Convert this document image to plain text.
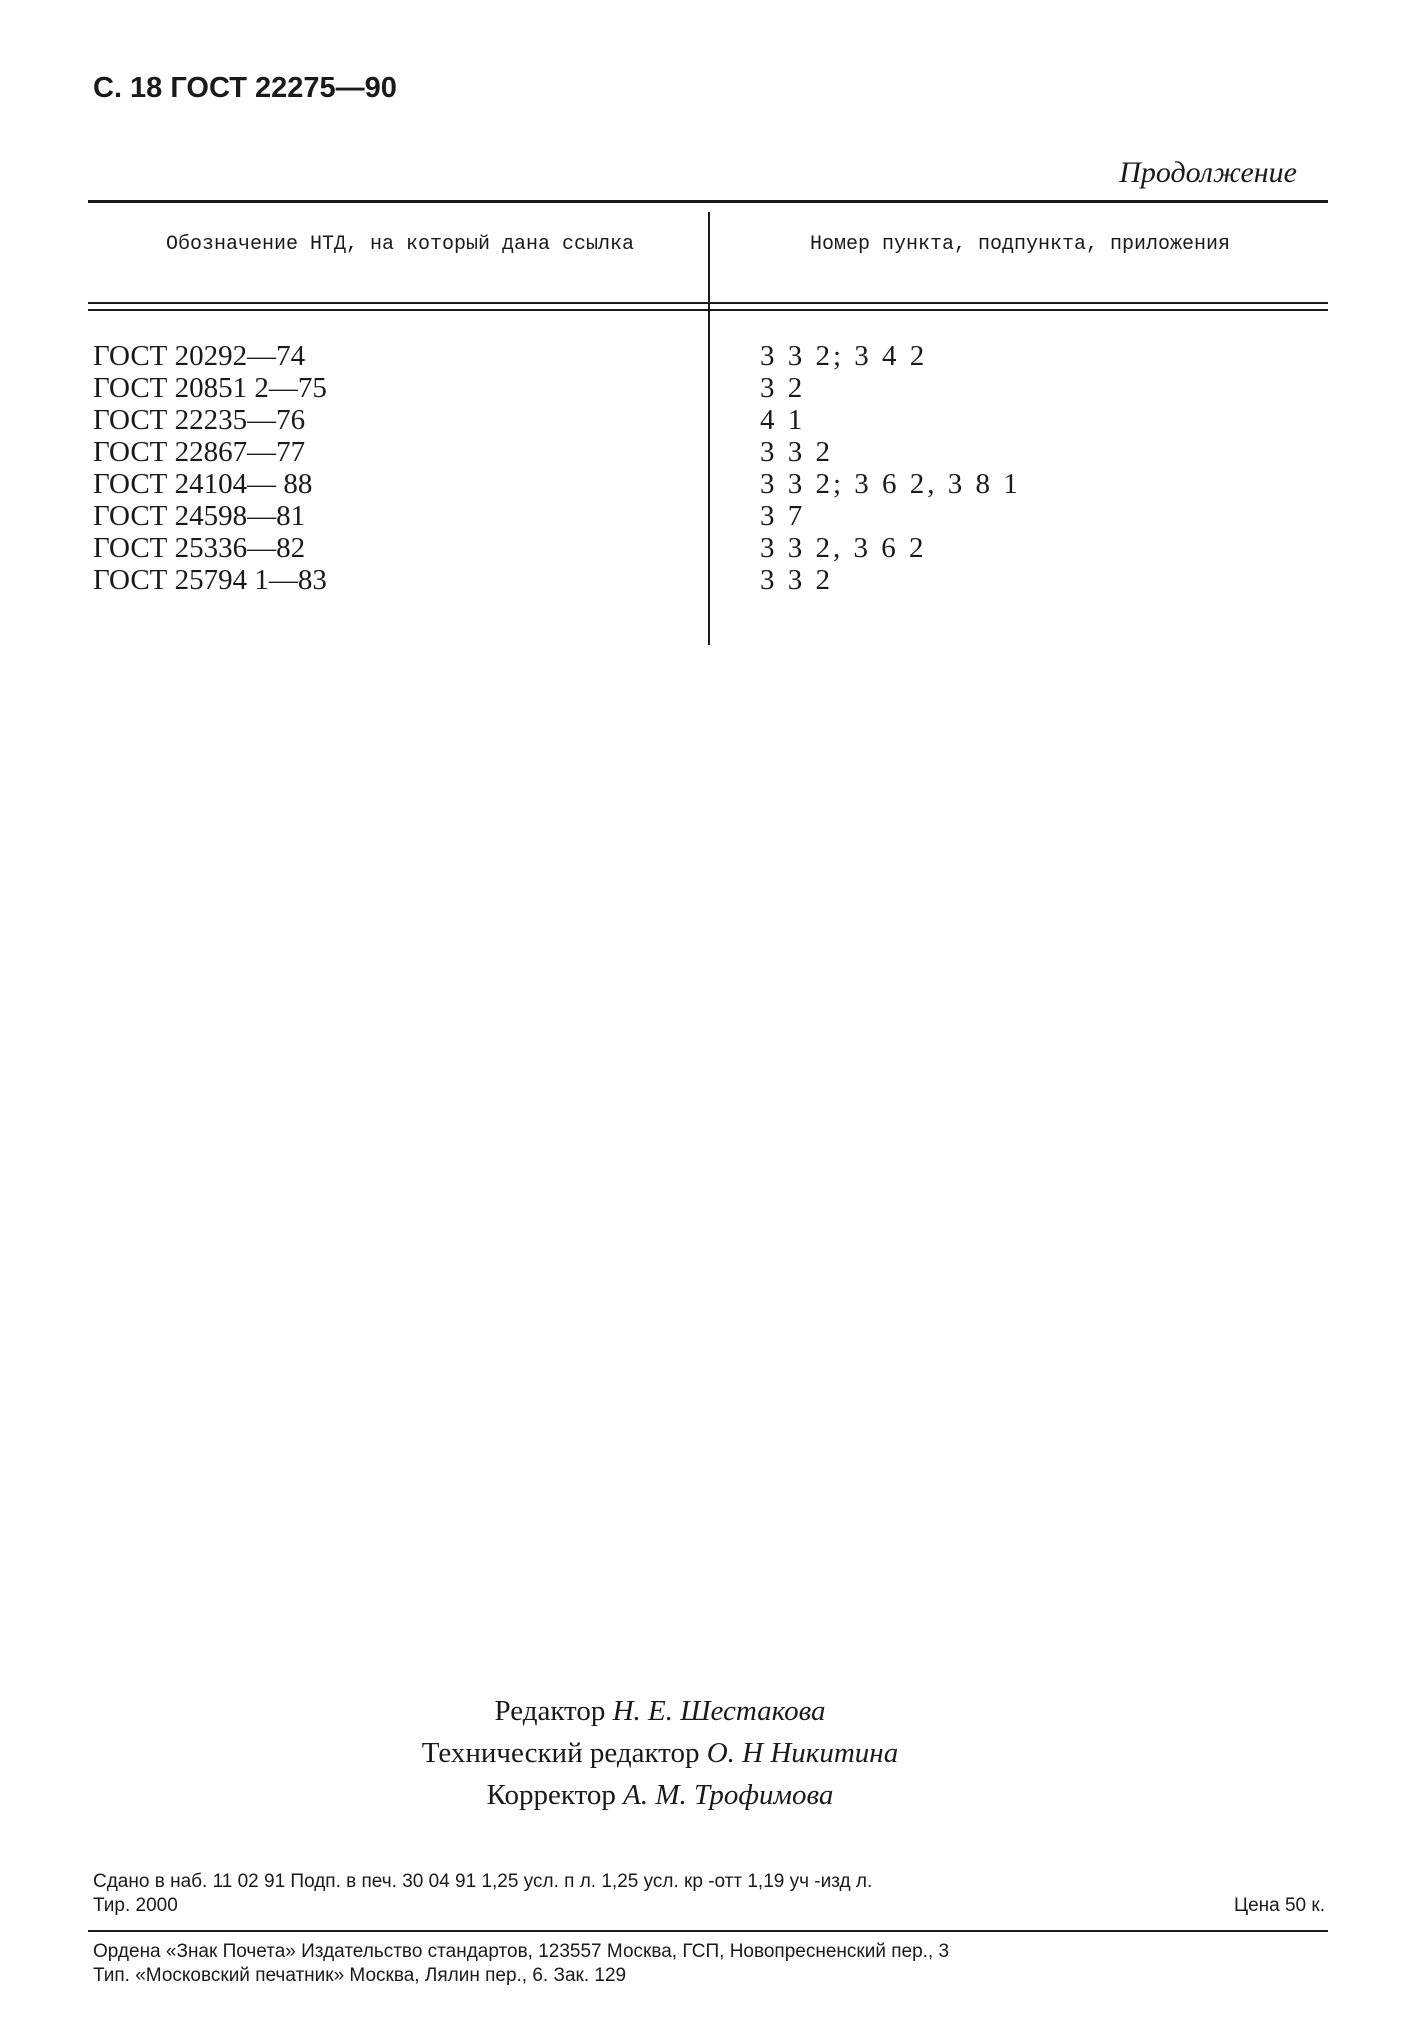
С. 18 ГОСТ 22275—90
Продолжение
Обозначение НТД, на который дана ссылка	Номер пункта, подпункта, приложения
ГОСТ 20292—74
ГОСТ 20851 2—75
ГОСТ 22235—76
ГОСТ 22867—77
ГОСТ 24104— 88
ГОСТ 24598—81
ГОСТ 25336—82
ГОСТ 25794 1—83
3 3 2; 3 4 2
3 2
4 1
3 3 2
3 3 2; 3 6 2, 3 8 1
3 7
3 3 2, 3 6 2
3 3 2
Редактор Н. Е. Шестакова
Технический редактор О. Н Никитина
Корректор А. М. Трофимова
Сдано в наб. 11 02 91 Подп. в печ. 30 04 91 1,25 усл. п л. 1,25 усл. кр -отт 1,19 уч -изд л.
Тир. 2000	Цена 50 к.
Ордена «Знак Почета» Издательство стандартов, 123557 Москва, ГСП, Новопресненский пер., 3
Тип. «Московский печатник» Москва, Лялин пер., 6. Зак. 129
